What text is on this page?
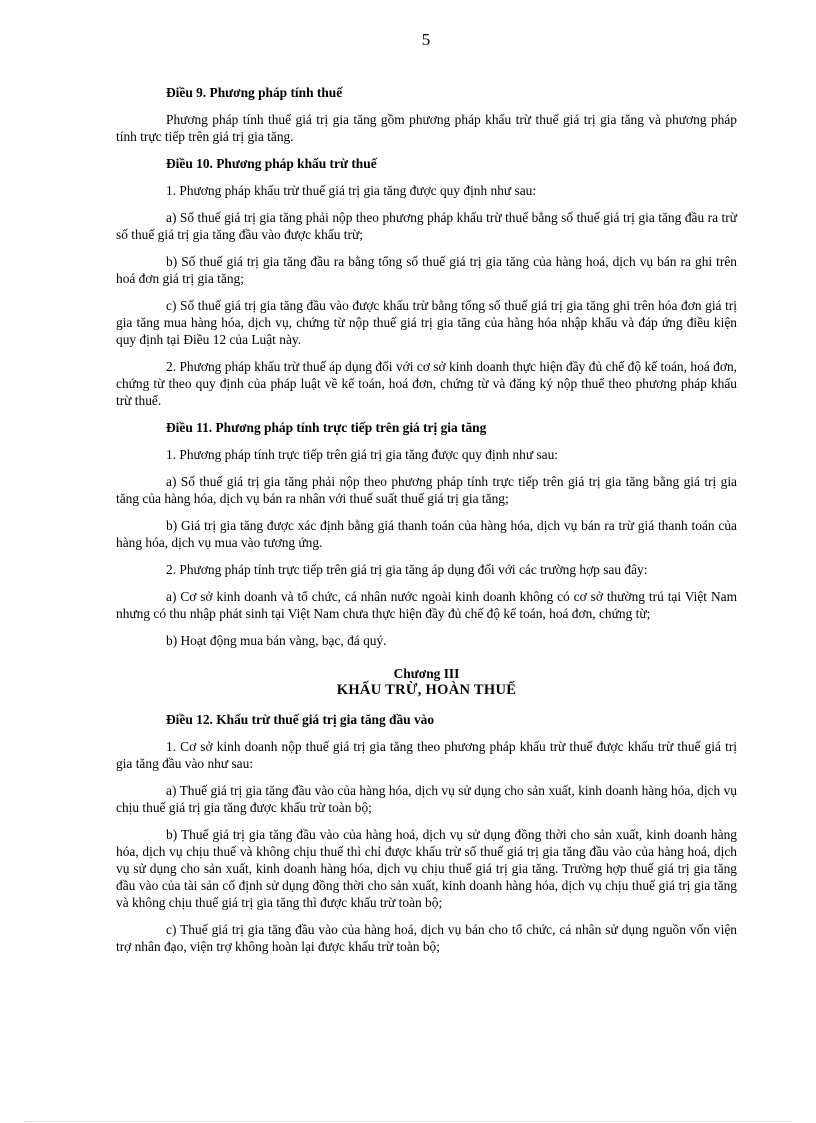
5

Điều 9. Phương pháp tính thuế

Phương pháp tính thuế giá trị gia tăng gồm phương pháp khấu trừ thuế giá trị gia tăng và phương pháp tính trực tiếp trên giá trị gia tăng.

Điều 10. Phương pháp khấu trừ thuế

1. Phương pháp khấu trừ thuế giá trị gia tăng được quy định như sau:

a) Số thuế giá trị gia tăng phải nộp theo phương pháp khấu trừ thuế bằng số thuế giá trị gia tăng đầu ra trừ số thuế giá trị gia tăng đầu vào được khấu trừ;

b) Số thuế giá trị gia tăng đầu ra bằng tổng số thuế giá trị gia tăng của hàng hoá, dịch vụ bán ra ghi trên hoá đơn giá trị gia tăng;

c) Số thuế giá trị gia tăng đầu vào được khấu trừ bằng tổng số thuế giá trị gia tăng ghi trên hóa đơn giá trị gia tăng mua hàng hóa, dịch vụ, chứng từ nộp thuế giá trị gia tăng của hàng hóa nhập khẩu và đáp ứng điều kiện quy định tại Điều 12 của Luật này.

2. Phương pháp khấu trừ thuế áp dụng đối với cơ sở kinh doanh thực hiện đầy đủ chế độ kế toán, hoá đơn, chứng từ theo quy định của pháp luật về kế toán, hoá đơn, chứng từ và đăng ký nộp thuế theo phương pháp khấu trừ thuế.

Điều 11. Phương pháp tính trực tiếp trên giá trị gia tăng

1. Phương pháp tính trực tiếp trên giá trị gia tăng được quy định như sau:

a) Số thuế giá trị gia tăng phải nộp theo phương pháp tính trực tiếp trên giá trị gia tăng bằng giá trị gia tăng của hàng hóa, dịch vụ bán ra nhân với thuế suất thuế giá trị gia tăng;

b) Giá trị gia tăng được xác định bằng giá thanh toán của hàng hóa, dịch vụ bán ra trừ giá thanh toán của hàng hóa, dịch vụ mua vào tương ứng.

2. Phương pháp tính trực tiếp trên giá trị gia tăng áp dụng đối với các trường hợp sau đây:

a) Cơ sở kinh doanh và tổ chức, cá nhân nước ngoài kinh doanh không có cơ sở thường trú tại Việt Nam nhưng có thu nhập phát sinh tại Việt Nam chưa thực hiện đầy đủ chế độ kế toán, hoá đơn, chứng từ;

b) Hoạt động mua bán vàng, bạc, đá quý.

Chương III
KHẤU TRỪ, HOÀN THUẾ

Điều 12. Khấu trừ thuế giá trị gia tăng đầu vào

1. Cơ sở kinh doanh nộp thuế giá trị gia tăng theo phương pháp khấu trừ thuế được khấu trừ thuế giá trị gia tăng đầu vào như sau:

a) Thuế giá trị gia tăng đầu vào của hàng hóa, dịch vụ sử dụng cho sản xuất, kinh doanh hàng hóa, dịch vụ chịu thuế giá trị gia tăng được khấu trừ toàn bộ;

b) Thuế giá trị gia tăng đầu vào của hàng hoá, dịch vụ sử dụng đồng thời cho sản xuất, kinh doanh hàng hóa, dịch vụ chịu thuế và không chịu thuế thì chỉ được khấu trừ số thuế giá trị gia tăng đầu vào của hàng hoá, dịch vụ sử dụng cho sản xuất, kinh doanh hàng hóa, dịch vụ chịu thuế giá trị gia tăng. Trường hợp thuế giá trị gia tăng đầu vào của tài sản cố định sử dụng đồng thời cho sản xuất, kinh doanh hàng hóa, dịch vụ chịu thuế giá trị gia tăng và không chịu thuế giá trị gia tăng thì được khấu trừ toàn bộ;

c) Thuế giá trị gia tăng đầu vào của hàng hoá, dịch vụ bán cho tổ chức, cá nhân sử dụng nguồn vốn viện trợ nhân đạo, viện trợ không hoàn lại được khấu trừ toàn bộ;
